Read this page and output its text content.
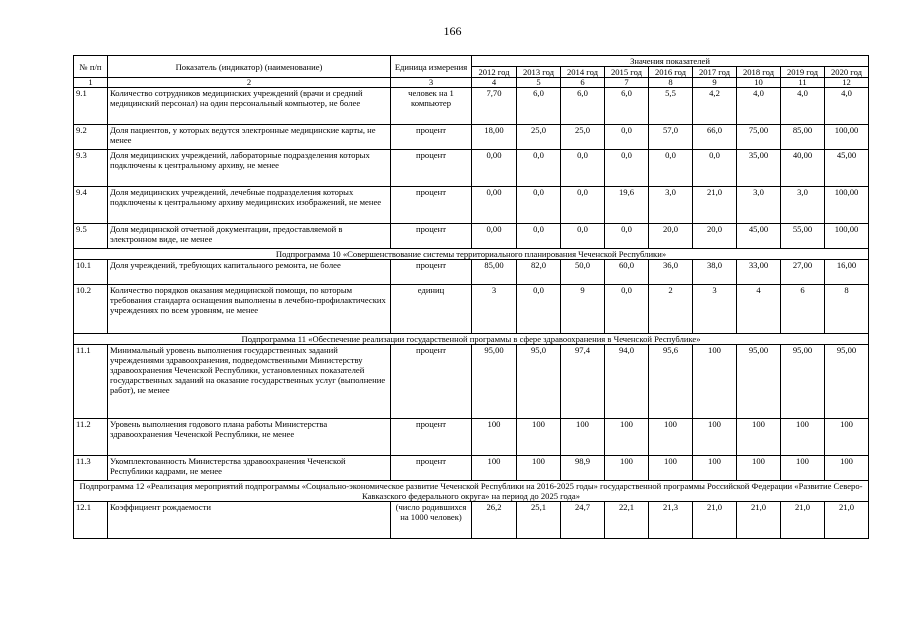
166
№ п/п	Показатель (индикатор) (наименование)	Единица измерения	Значения показателей								
			2012 год	2013 год	2014 год	2015 год	2016 год	2017 год	2018 год	2019 год	2020 год
1	2	3	4	5	6	7	8	9	10	11	12
9.1	Количество сотрудников медицинских учреждений (врачи и средний медицинский персонал) на один персональный компьютер, не более	человек на 1 компьютер	7,70	6,0	6,0	6,0	5,5	4,2	4,0	4,0	4,0
9.2	Доля пациентов, у которых ведутся электронные медицинские карты, не менее	процент	18,00	25,0	25,0	0,0	57,0	66,0	75,00	85,00	100,00
9.3	Доля медицинских учреждений, лабораторные подразделения которых подключены к центральному архиву, не менее	процент	0,00	0,0	0,0	0,0	0,0	0,0	35,00	40,00	45,00
9.4	Доля медицинских учреждений, лечебные подразделения которых подключены к центральному архиву медицинских изображений, не менее	процент	0,00	0,0	0,0	19,6	3,0	21,0	3,0	3,0	100,00
9.5	Доля медицинской отчетной документации, предоставляемой в электронном виде, не менее	процент	0,00	0,0	0,0	0,0	20,0	20,0	45,00	55,00	100,00
Подпрограмма 10 «Совершенствование системы территориального планирования Чеченской Республики»											
10.1	Доля учреждений, требующих капитального ремонта, не более	процент	85,00	82,0	50,0	60,0	36,0	38,0	33,00	27,00	16,00
10.2	Количество порядков оказания медицинской помощи, по которым требования стандарта оснащения выполнены в лечебно-профилактических учреждениях по всем уровням, не менее	единиц	3	0,0	9	0,0	2	3	4	6	8
Подпрограмма 11 «Обеспечение реализации государственной программы в сфере здравоохранения в Чеченской Республике»											
11.1	Минимальный уровень выполнения государственных заданий учреждениями здравоохранения, подведомственными Министерству здравоохранения Чеченской Республики, установленных показателей государственных заданий на оказание государственных услуг (выполнение работ), не менее	процент	95,00	95,0	97,4	94,0	95,6	100	95,00	95,00	95,00
11.2	Уровень выполнения годового плана работы Министерства здравоохранения Чеченской Республики, не менее	процент	100	100	100	100	100	100	100	100	100
11.3	Укомплектованность Министерства здравоохранения Чеченской Республики кадрами, не менее	процент	100	100	98,9	100	100	100	100	100	100
Подпрограмма 12 «Реализация мероприятий подпрограммы «Социально-экономическое развитие Чеченской Республики на 2016-2025 годы» государственной программы Российской Федерации «Развитие Северо-Кавказского федерального округа» на период до 2025 года»											
12.1	Коэффициент рождаемости	(число родившихся на 1000 человек)	26,2	25,1	24,7	22,1	21,3	21,0	21,0	21,0	21,0
